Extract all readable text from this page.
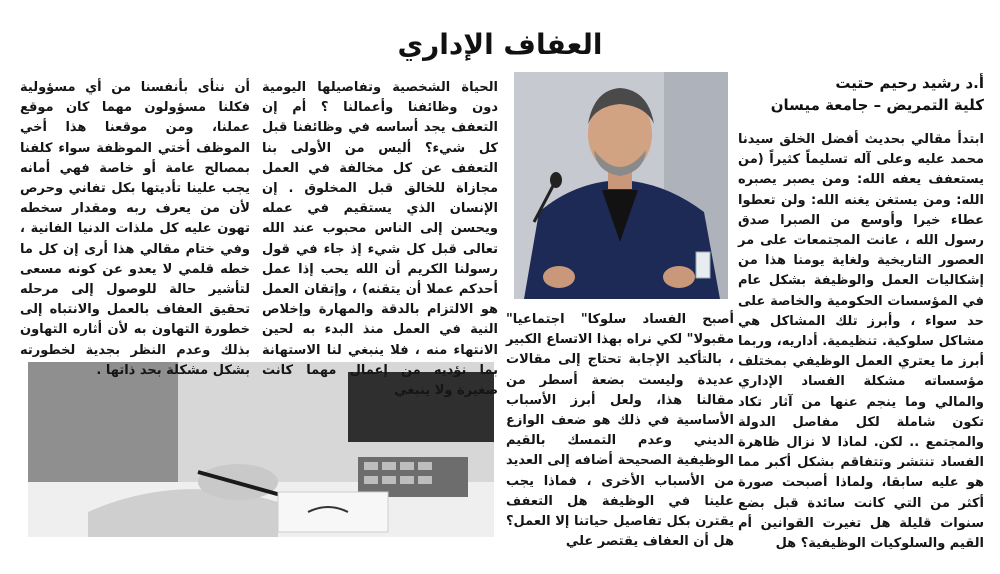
العفاف الإداري
أ.د رشيد رحيم حتيت
كلية التمريض – جامعة ميسان

ابتدأ مقالي بحديث أفضل الخلق سيدنا محمد عليه وعلى آله تسليماً كثيراً (من يستعفف يعفه الله: ومن يصبر يصبره الله: ومن يستغن يغنه الله: ولن تعطوا عطاء خيرا وأوسع من الصبرا صدق رسول الله ، عانت المجتمعات على مر العصور التاريخية ولغاية يومنا هذا من إشكاليات العمل والوظيفة بشكل عام في المؤسسات الحكومية والخاصة على حد سواء ، وأبرز تلك المشاكل هي مشاكل سلوكية. تنظيمية. أداريه، وربما أبرز ما يعتري العمل الوظيفي بمختلف مؤسساته مشكلة الفساد الإداري والمالي وما ينجم عنها من آثار تكاد تكون شاملة لكل مفاصل الدولة والمجتمع .. لكن. لماذا لا نزال ظاهرة الفساد تنتشر وتتفاقم بشكل أكبر مما هو عليه سابقا، ولماذا أصبحت صورة أكثر من التي كانت سائدة قبل بضع سنوات قليلة هل تغيرت القوانين أم القيم والسلوكيات الوظيفية؟ هل

الحياة الشخصية وتفاصيلها اليومية دون وظائفنا وأعمالنا ؟ أم إن التعفف يجد أساسه في وظائفنا قبل كل شيء؟ أليس من الأولى بنا التعفف عن كل مخالفة في العمل مجازاة للخالق قبل المخلوق . إن الإنسان الذي يستقيم في عمله ويحسن إلى الناس محبوب عند الله تعالى قبل كل شيء إذ جاء في قول رسولنا الكريم أن الله يحب إذا عمل أحدكم عملا أن يتقنه) ، وإتقان العمل هو الالتزام بالدقة والمهارة وإخلاص النية في العمل منذ البدء به لحين الانتهاء منه ، فلا ينبغي لنا الاستهانة بما نؤديه من إعمال مهما كانت صغيرة ولا ينبغي

أصبح الفساد سلوكا" اجتماعيا" مقبولا" لكي نراه بهذا الاتساع الكبير ، بالتأكيد الإجابة تحتاج إلى مقالات عديدة وليست بضعة أسطر من مقالنا هذا، ولعل أبرز الأسباب الأساسية في ذلك هو ضعف الوازع الديني وعدم التمسك بالقيم الوظيفية الصحيحة أضافه إلى العديد من الأسباب الأخرى ، فماذا يجب علينا في الوظيفة هل التعفف يقترن بكل تفاصيل حياتنا إلا العمل؟ هل أن العفاف يقتصر علي

أن ننأى بأنفسنا من أي مسؤولية فكلنا مسؤولون مهما كان موقع عملنا، ومن موقعنا هذا أخي الموظف أختي الموظفة سواء كلفنا بمصالح عامة أو خاصة فهي أمانه يجب علينا تأديتها بكل تفاني وحرص لأن من يعرف ربه ومقدار سخطه تهون عليه كل ملذات الدنيا الفانية ، وفي ختام مقالي هذا أرى إن كل ما خطه قلمي لا يعدو عن كونه مسعى لتأشير حالة للوصول إلى مرحله تحقيق العفاف بالعمل والانتباه إلى خطورة التهاون به لأن أثاره التهاون بذلك وعدم النظر بجدية لخطورته بشكل مشكلة بحد ذاتها .
